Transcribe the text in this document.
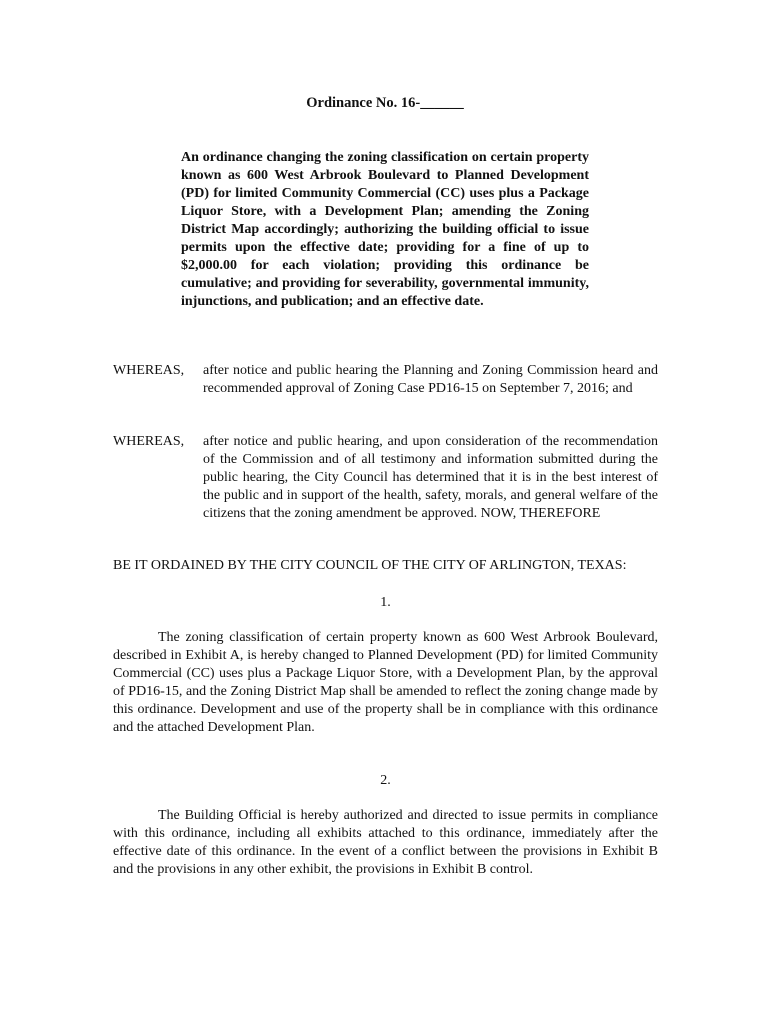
Ordinance No. 16-______
An ordinance changing the zoning classification on certain property known as 600 West Arbrook Boulevard to Planned Development (PD) for limited Community Commercial (CC) uses plus a Package Liquor Store, with a Development Plan; amending the Zoning District Map accordingly; authorizing the building official to issue permits upon the effective date; providing for a fine of up to $2,000.00 for each violation; providing this ordinance be cumulative; and providing for severability, governmental immunity, injunctions, and publication; and an effective date.
WHEREAS,	after notice and public hearing the Planning and Zoning Commission heard and recommended approval of Zoning Case PD16-15 on September 7, 2016; and
WHEREAS,	after notice and public hearing, and upon consideration of the recommendation of the Commission and of all testimony and information submitted during the public hearing, the City Council has determined that it is in the best interest of the public and in support of the health, safety, morals, and general welfare of the citizens that the zoning amendment be approved. NOW, THEREFORE
BE IT ORDAINED BY THE CITY COUNCIL OF THE CITY OF ARLINGTON, TEXAS:
1.
The zoning classification of certain property known as 600 West Arbrook Boulevard, described in Exhibit A, is hereby changed to Planned Development (PD) for limited Community Commercial (CC) uses plus a Package Liquor Store, with a Development Plan, by the approval of PD16-15, and the Zoning District Map shall be amended to reflect the zoning change made by this ordinance. Development and use of the property shall be in compliance with this ordinance and the attached Development Plan.
2.
The Building Official is hereby authorized and directed to issue permits in compliance with this ordinance, including all exhibits attached to this ordinance, immediately after the effective date of this ordinance. In the event of a conflict between the provisions in Exhibit B and the provisions in any other exhibit, the provisions in Exhibit B control.
